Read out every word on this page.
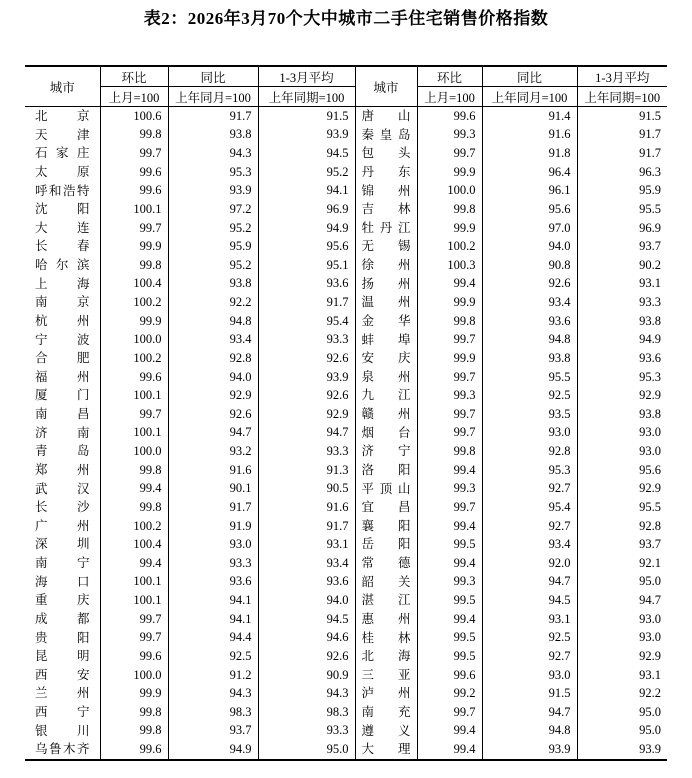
表2：2026年3月70个大中城市二手住宅销售价格指数
城市	环比	同比	1-3月平均	城市	环比	同比	1-3月平均
	上月=100	上年同月=100	上年同期=100		上月=100	上年同月=100	上年同期=100

北 京	100.6	91.7	91.5	唐 山	99.6	91.4	91.5

天 津	99.8	93.8	93.9	秦 皇 岛	99.3	91.6	91.7

石 家 庄	99.7	94.3	94.5	包 头	99.7	91.8	91.7

太 原	99.6	95.3	95.2	丹 东	99.9	96.4	96.3

呼 和 浩 特	99.6	93.9	94.1	锦 州	100.0	96.1	95.9

沈 阳	100.1	97.2	96.9	吉 林	99.8	95.6	95.5

大 连	99.7	95.2	94.9	牡 丹 江	99.9	97.0	96.9

长 春	99.9	95.9	95.6	无 锡	100.2	94.0	93.7

哈 尔 滨	99.8	95.2	95.1	徐 州	100.3	90.8	90.2

上 海	100.4	93.8	93.6	扬 州	99.4	92.6	93.1

南 京	100.2	92.2	91.7	温 州	99.9	93.4	93.3

杭 州	99.9	94.8	95.4	金 华	99.8	93.6	93.8

宁 波	100.0	93.4	93.3	蚌 埠	99.7	94.8	94.9

合 肥	100.2	92.8	92.6	安 庆	99.9	93.8	93.6

福 州	99.6	94.0	93.9	泉 州	99.7	95.5	95.3

厦 门	100.1	92.9	92.6	九 江	99.3	92.5	92.9

南 昌	99.7	92.6	92.9	赣 州	99.7	93.5	93.8

济 南	100.1	94.7	94.7	烟 台	99.7	93.0	93.0

青 岛	100.0	93.2	93.3	济 宁	99.8	92.8	93.0

郑 州	99.8	91.6	91.3	洛 阳	99.4	95.3	95.6

武 汉	99.4	90.1	90.5	平 顶 山	99.3	92.7	92.9

长 沙	99.8	91.7	91.6	宜 昌	99.7	95.4	95.5

广 州	100.2	91.9	91.7	襄 阳	99.4	92.7	92.8

深 圳	100.4	93.0	93.1	岳 阳	99.5	93.4	93.7

南 宁	99.4	93.3	93.4	常 德	99.4	92.0	92.1

海 口	100.1	93.6	93.6	韶 关	99.3	94.7	95.0

重 庆	100.1	94.1	94.0	湛 江	99.5	94.5	94.7

成 都	99.7	94.1	94.5	惠 州	99.4	93.1	93.0

贵 阳	99.7	94.4	94.6	桂 林	99.5	92.5	93.0

昆 明	99.6	92.5	92.6	北 海	99.5	92.7	92.9

西 安	100.0	91.2	90.9	三 亚	99.6	93.0	93.1

兰 州	99.9	94.3	94.3	泸 州	99.2	91.5	92.2

西 宁	99.8	98.3	98.3	南 充	99.7	94.7	95.0

银 川	99.8	93.7	93.3	遵 义	99.4	94.8	95.0

乌 鲁 木 齐	99.6	94.9	95.0	大 理	99.4	93.9	93.9
